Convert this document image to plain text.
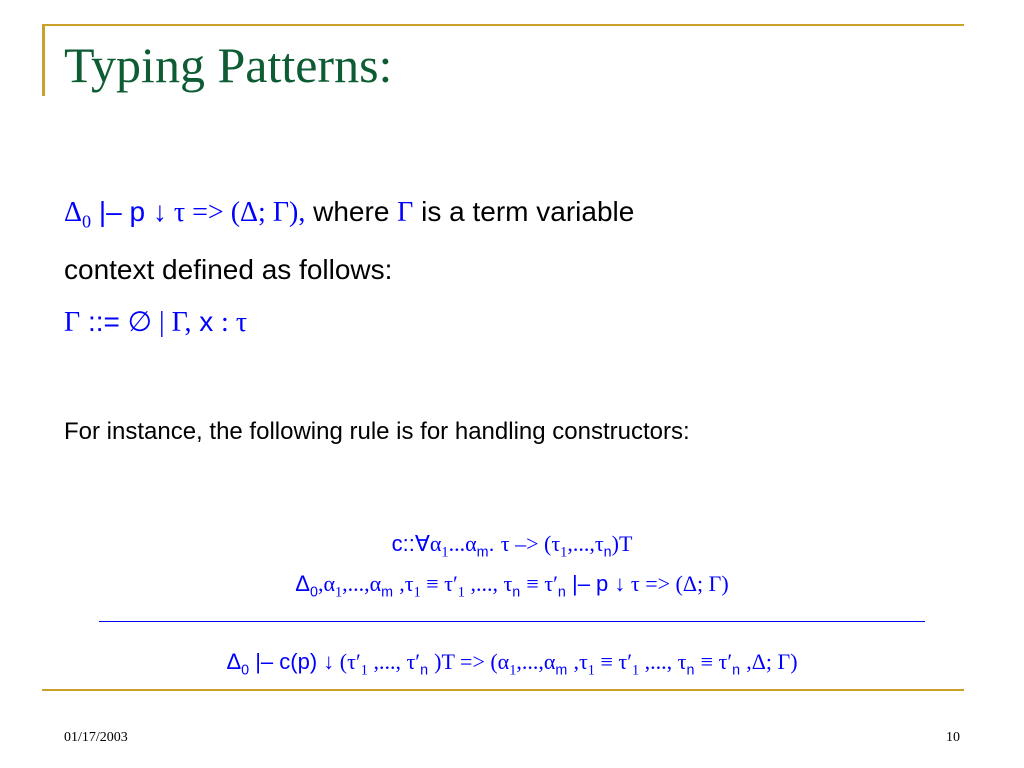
Typing Patterns:
$\Delta_0$ |– p ↓ τ => (Δ; Γ), where Γ is a term variable
context defined as follows:
Γ ::= ∅ | Γ, x : τ
For instance, the following rule is for handling constructors:
$c::\forall\alpha_1...\alpha_m$. $\tau -> (\tau_1,...,\tau_n)T$
$\Delta_0,\alpha_1,...,\alpha_m$ $,\tau_1 \equiv \tau'_1$ ,..., $\tau_n \equiv \tau'_n$ |– p ↓ τ => (Δ; Γ)
$\Delta_0$ |– c(p) ↓ ($\tau'_1$ ,..., $\tau'_n$ )$T => (\alpha_1,...,\alpha_m$ $,\tau_1 \equiv \tau'_1$ ,..., $\tau_n \equiv \tau'_n$ ,Δ; Γ)
01/17/2003	10
